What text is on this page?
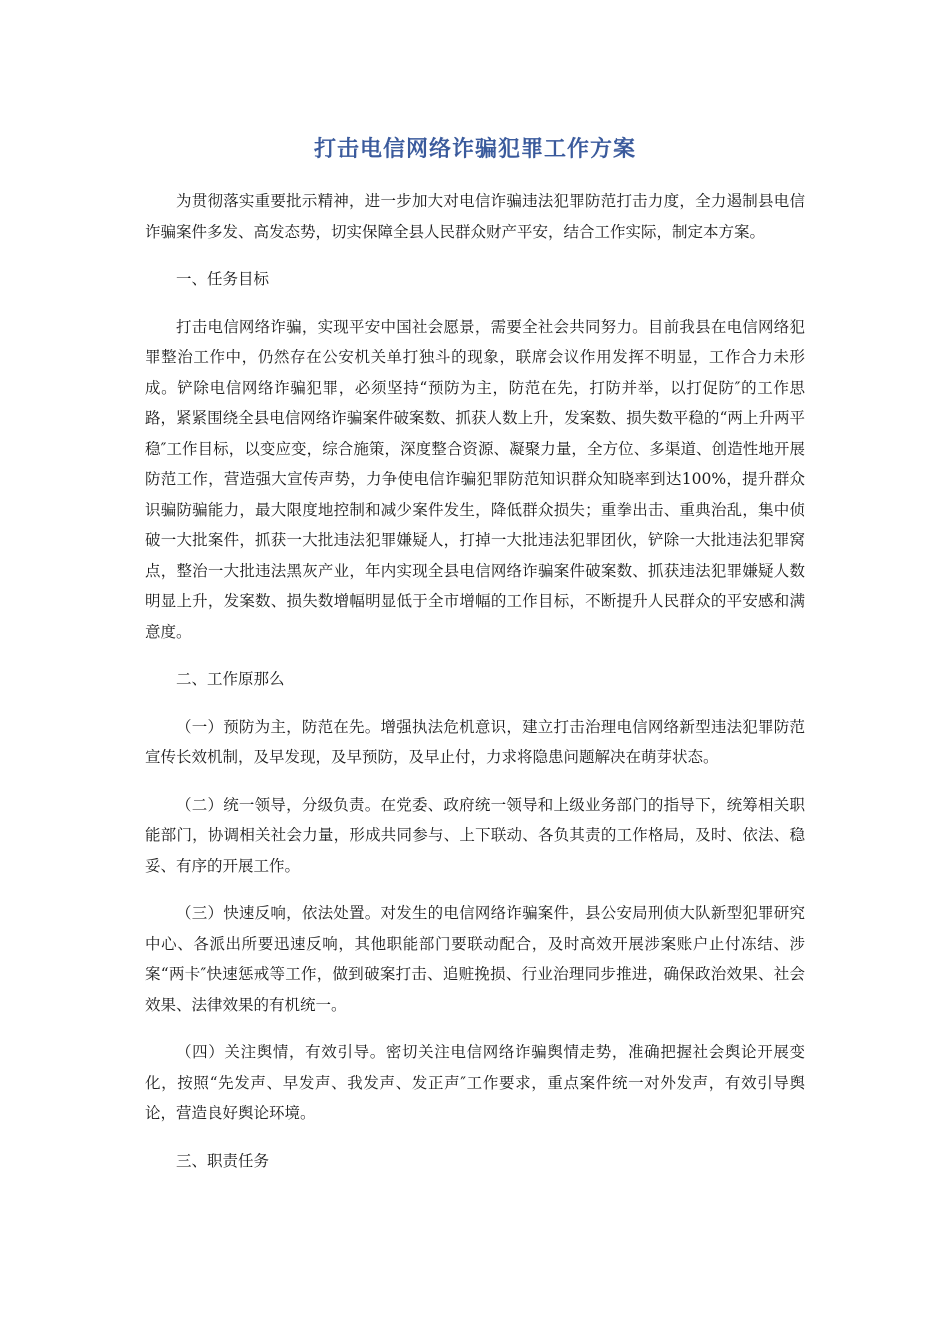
打击电信网络诈骗犯罪工作方案

为贯彻落实重要批示精神，进一步加大对电信诈骗违法犯罪防范打击力度，全力遏制县电信诈骗案件多发、高发态势，切实保障全县人民群众财产平安，结合工作实际，制定本方案。

一、任务目标

打击电信网络诈骗，实现平安中国社会愿景，需要全社会共同努力。目前我县在电信网络犯罪整治工作中，仍然存在公安机关单打独斗的现象，联席会议作用发挥不明显，工作合力未形成。铲除电信网络诈骗犯罪，必须坚持“预防为主，防范在先，打防并举，以打促防″的工作思路，紧紧围绕全县电信网络诈骗案件破案数、抓获人数上升，发案数、损失数平稳的“两上升两平稳″工作目标，以变应变，综合施策，深度整合资源、凝聚力量，全方位、多渠道、创造性地开展防范工作，营造强大宣传声势，力争使电信诈骗犯罪防范知识群众知晓率到达100%，提升群众识骗防骗能力，最大限度地控制和减少案件发生，降低群众损失；重拳出击、重典治乱，集中侦破一大批案件，抓获一大批违法犯罪嫌疑人，打掉一大批违法犯罪团伙，铲除一大批违法犯罪窝点，整治一大批违法黑灰产业，年内实现全县电信网络诈骗案件破案数、抓获违法犯罪嫌疑人数明显上升，发案数、损失数增幅明显低于全市增幅的工作目标，不断提升人民群众的平安感和满意度。

二、工作原那么

（一）预防为主，防范在先。增强执法危机意识，建立打击治理电信网络新型违法犯罪防范宣传长效机制，及早发现，及早预防，及早止付，力求将隐患问题解决在萌芽状态。

（二）统一领导，分级负责。在党委、政府统一领导和上级业务部门的指导下，统筹相关职能部门，协调相关社会力量，形成共同参与、上下联动、各负其责的工作格局，及时、依法、稳妥、有序的开展工作。

（三）快速反响，依法处置。对发生的电信网络诈骗案件，县公安局刑侦大队新型犯罪研究中心、各派出所要迅速反响，其他职能部门要联动配合，及时高效开展涉案账户止付冻结、涉案“两卡″快速惩戒等工作，做到破案打击、追赃挽损、行业治理同步推进，确保政治效果、社会效果、法律效果的有机统一。

（四）关注舆情，有效引导。密切关注电信网络诈骗舆情走势，准确把握社会舆论开展变化，按照“先发声、早发声、我发声、发正声″工作要求，重点案件统一对外发声，有效引导舆论，营造良好舆论环境。

三、职责任务
